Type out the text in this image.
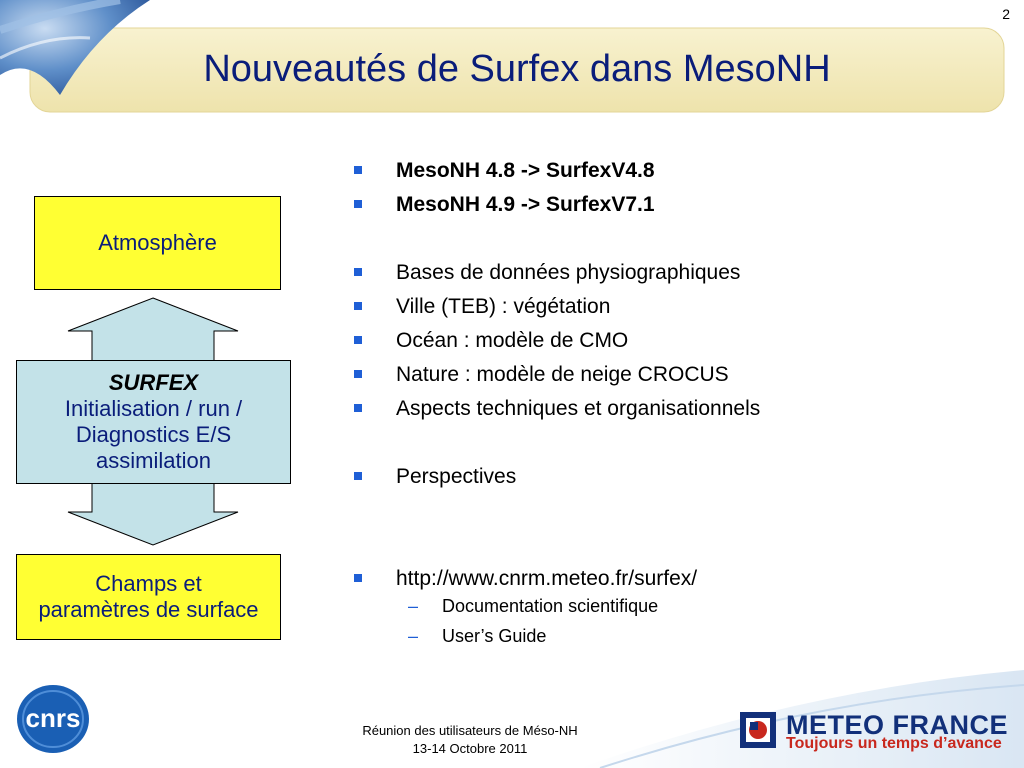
2
Nouveautés de Surfex dans MesoNH
Atmosphère
SURFEX
Initialisation / run /
Diagnostics E/S
assimilation
Champs et
paramètres de surface
MesoNH 4.8 -> SurfexV4.8
MesoNH 4.9 -> SurfexV7.1
Bases de données physiographiques
Ville (TEB) : végétation
Océan : modèle de CMO
Nature : modèle de neige CROCUS
Aspects techniques et organisationnels
Perspectives
http://www.cnrm.meteo.fr/surfex/
– Documentation scientifique
– User’s Guide
Réunion des utilisateurs de Méso-NH
13-14 Octobre 2011
cnrs	METEO FRANCE
Toujours un temps d’avance
